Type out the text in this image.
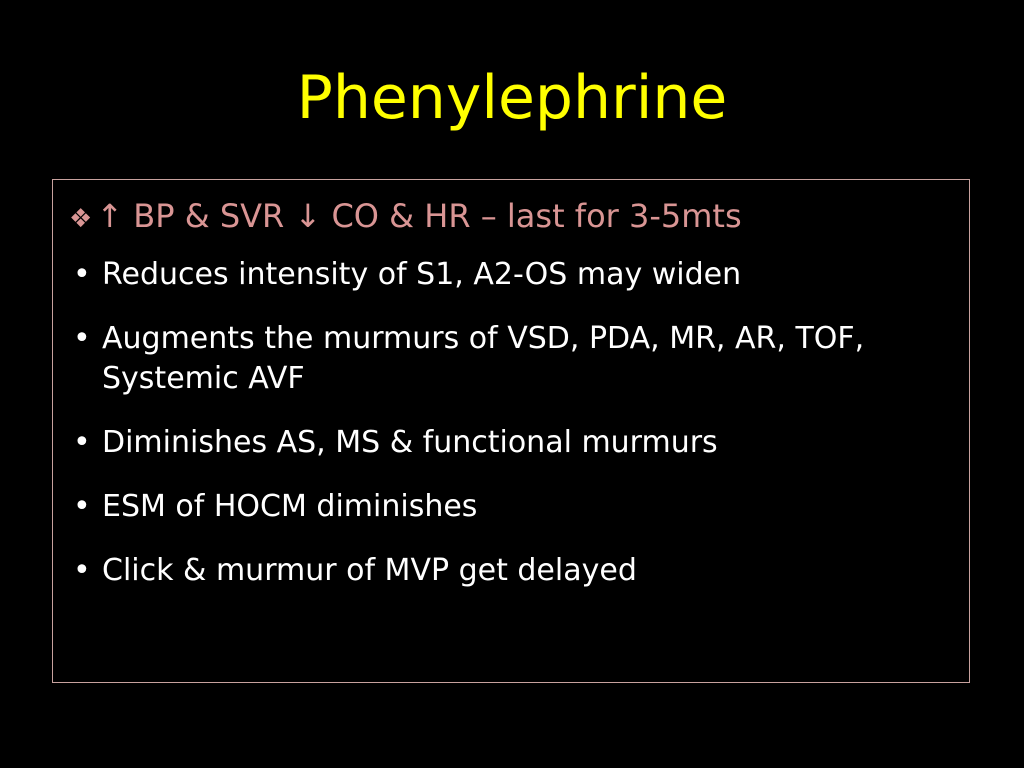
Phenylephrine
❖ ↑ BP & SVR ↓ CO & HR – last for 3-5mts
• Reduces intensity of S1, A2-OS may widen
• Augments the murmurs of VSD, PDA, MR, AR, TOF, Systemic AVF
• Diminishes AS, MS & functional murmurs
• ESM of HOCM diminishes
• Click & murmur of MVP get delayed
